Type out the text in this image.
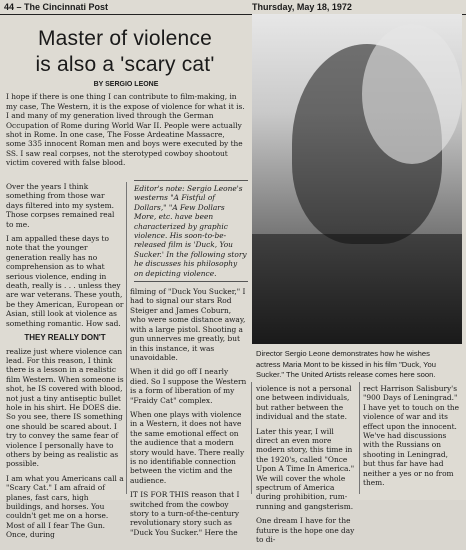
44 – The Cincinnati Post	Thursday, May 18, 1972
Master of violence
is also a 'scary cat'
Director Sergio Leone demonstrates how he wishes actress Maria Mont to be kissed in his film "Duck, You Sucker." The United Artists release comes here soon.
BY SERGIO LEONE

I hope if there is one thing I can contribute to film-making, in my case, The Western, it is the expose of violence for what it is. I and many of my generation lived through the German Occupation of Rome during World War II. People were actually shot in Rome. In one case, The Fosse Ardeatine Massacre, some 335 innocent Roman men and boys were executed by the SS. I saw real corpses, not the sterotyped cowboy shootout victim covered with false blood.

Over the years I think something from those war days filtered into my system. Those corpses remained real to me.

I am appalled these days to note that the younger generation really has no comprehension as to what serious violence, ending in death, really is . . . unless they are war veterans. These youth, be they American, European or Asian, still look at violence as something romantic. How sad.

THEY REALLY DON'T

realize just where violence can lead. For this reason, I think there is a lesson in a realistic film Western. When someone is shot, he IS covered with blood, not just a tiny antiseptic bullet hole in his shirt. He DOES die. So you see, there IS something one should be scared about. I try to convey the same fear of violence I personally have to others by being as realistic as possible.

I am what you Americans call a "Scary Cat." I am afraid of planes, fast cars, high buildings, and horses. You couldn't get me on a horse. Most of all I fear The Gun. Once, during

Editor's note: Sergio Leone's westerns "A Fistful of Dollars," "A Few Dollars More, etc. have been characterized by graphic violence. His soon-to-be-released film is 'Duck, You Sucker.' In the following story he discusses his philosophy on depicting violence.

filming of "Duck You Sucker," I had to signal our stars Rod Steiger and James Coburn, who were some distance away, with a large pistol. Shooting a gun unnerves me greatly, but in this instance, it was unavoidable.

When it did go off I nearly died. So I suppose the Western is a form of liberation of my "Fraidy Cat" complex.

When one plays with violence in a Western, it does not have the same emotional effect on the audience that a modern story would have. There really is no identifiable connection between the victim and the audience.

IT IS FOR THIS reason that I switched from the cowboy story to a turn-of-the-century revolutionary story such as "Duck You Sucker." Here the

violence is not a personal one between individuals, but rather between the individual and the state.

Later this year, I will direct an even more modern story, this time in the 1920's, called "Once Upon A Time In America." We will cover the whole spectrum of America during prohibition, rum-running and gangsterism.

One dream I have for the future is the hope one day to di-

rect Harrison Salisbury's "900 Days of Leningrad." I have yet to touch on the violence of war and its effect upon the innocent. We've had discussions with the Russians on shooting in Leningrad, but thus far have had neither a yes or no from them.
